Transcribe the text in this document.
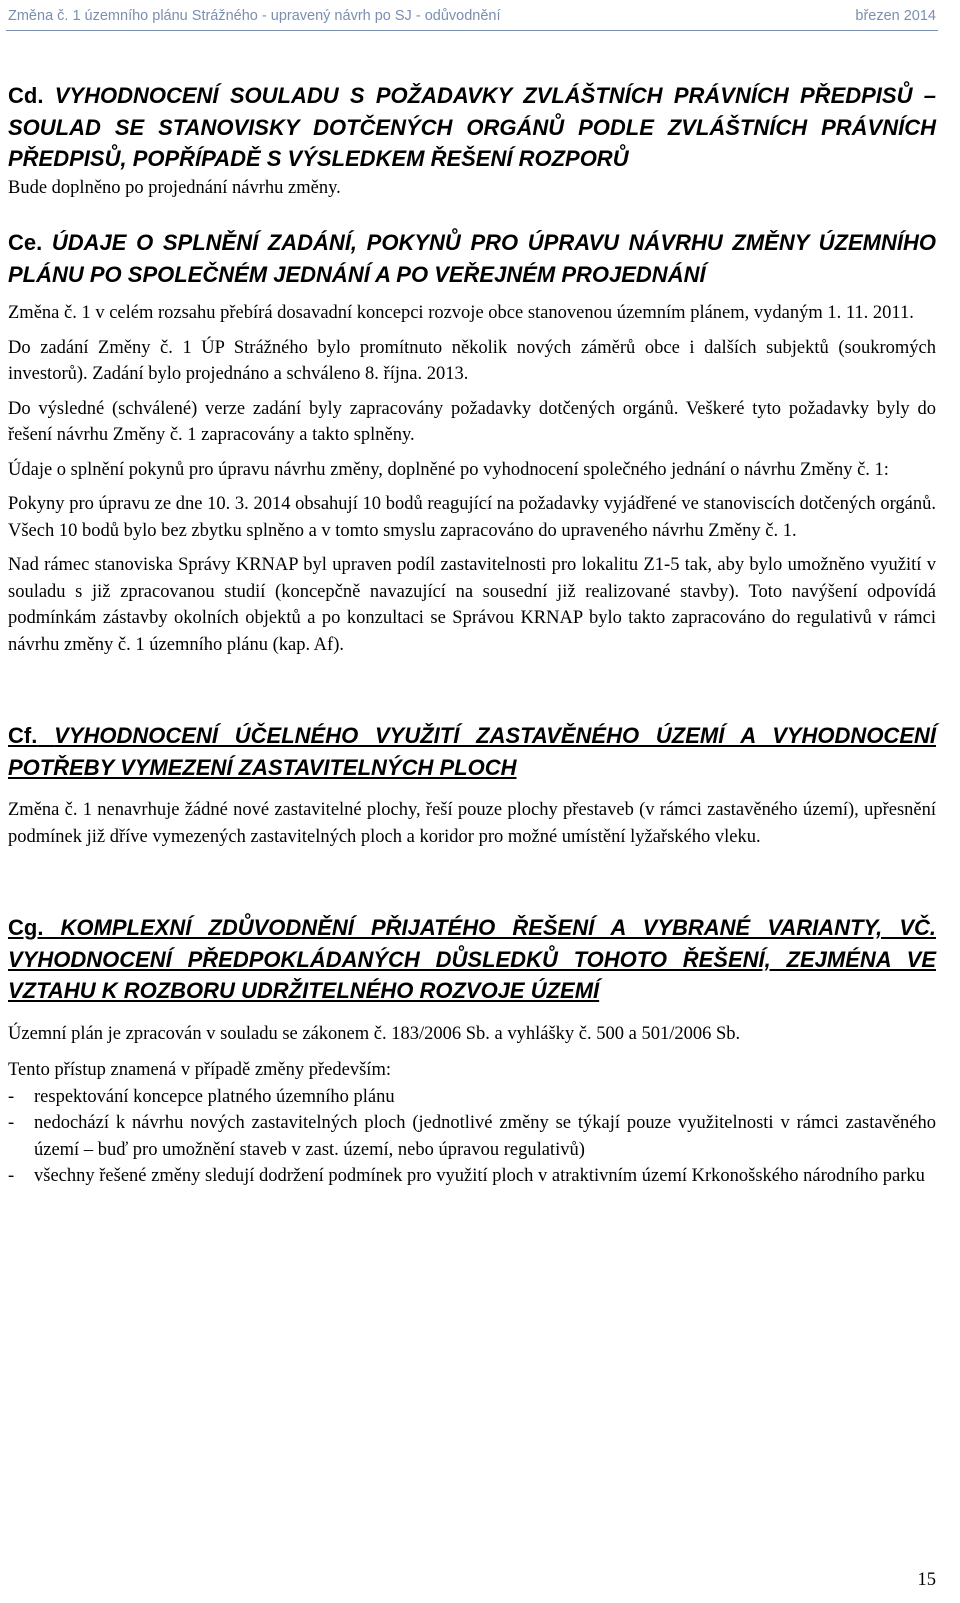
Změna č. 1 územního plánu Strážného - upravený návrh po SJ - odůvodnění	březen 2014
Cd. VYHODNOCENÍ SOULADU S POŽADAVKY ZVLÁŠTNÍCH PRÁVNÍCH PŘEDPISŮ – SOULAD SE STANOVISKY DOTČENÝCH ORGÁNŮ PODLE ZVLÁŠTNÍCH PRÁVNÍCH PŘEDPISŮ, POPŘÍPADĚ S VÝSLEDKEM ŘEŠENÍ ROZPORŮ

Bude doplněno po projednání návrhu změny.

Ce. ÚDAJE O SPLNĚNÍ ZADÁNÍ, POKYNŮ PRO ÚPRAVU NÁVRHU ZMĚNY ÚZEMNÍHO PLÁNU PO SPOLEČNÉM JEDNÁNÍ A PO VEŘEJNÉM PROJEDNÁNÍ

Změna č. 1 v celém rozsahu přebírá dosavadní koncepci rozvoje obce stanovenou územním plánem, vydaným 1. 11. 2011.

Do zadání Změny č. 1 ÚP Strážného bylo promítnuto několik nových záměrů obce i dalších subjektů (soukromých investorů). Zadání bylo projednáno a schváleno 8. října. 2013.

Do výsledné (schválené) verze zadání byly zapracovány požadavky dotčených orgánů. Veškeré tyto požadavky byly do řešení návrhu Změny č. 1 zapracovány a takto splněny.

Údaje o splnění pokynů pro úpravu návrhu změny, doplněné po vyhodnocení společného jednání o návrhu Změny č. 1:

Pokyny pro úpravu ze dne 10. 3. 2014 obsahují 10 bodů reagující na požadavky vyjádřené ve stanoviscích dotčených orgánů. Všech 10 bodů bylo bez zbytku splněno a v tomto smyslu zapracováno do upraveného návrhu Změny č. 1.

Nad rámec stanoviska Správy KRNAP byl upraven podíl zastavitelnosti pro lokalitu Z1-5 tak, aby bylo umožněno využití v souladu s již zpracovanou studií (koncepčně navazující na sousední již realizované stavby). Toto navýšení odpovídá podmínkám zástavby okolních objektů a po konzultaci se Správou KRNAP bylo takto zapracováno do regulativů v rámci návrhu změny č. 1 územního plánu (kap. Af).

Cf. VYHODNOCENÍ ÚČELNÉHO VYUŽITÍ ZASTAVĚNÉHO ÚZEMÍ A VYHODNOCENÍ POTŘEBY VYMEZENÍ ZASTAVITELNÝCH PLOCH

Změna č. 1 nenavrhuje žádné nové zastavitelné plochy, řeší pouze plochy přestaveb (v rámci zastavěného území), upřesnění podmínek již dříve vymezených zastavitelných ploch a koridor pro možné umístění lyžařského vleku.

Cg. KOMPLEXNÍ ZDŮVODNĚNÍ PŘIJATÉHO ŘEŠENÍ A VYBRANÉ VARIANTY, VČ. VYHODNOCENÍ PŘEDPOKLÁDANÝCH DŮSLEDKŮ TOHOTO ŘEŠENÍ, ZEJMÉNA VE VZTAHU K ROZBORU UDRŽITELNÉHO ROZVOJE ÚZEMÍ

Územní plán je zpracován v souladu se zákonem č. 183/2006 Sb. a vyhlášky č. 500 a 501/2006 Sb.

Tento přístup znamená v případě změny především:

- respektování koncepce platného územního plánu
- nedochází k návrhu nových zastavitelných ploch (jednotlivé změny se týkají pouze využitelnosti v rámci zastavěného území – buď pro umožnění staveb v zast. území, nebo úpravou regulativů)
- všechny řešené změny sledují dodržení podmínek pro využití ploch v atraktivním území Krkonošského národního parku
15
